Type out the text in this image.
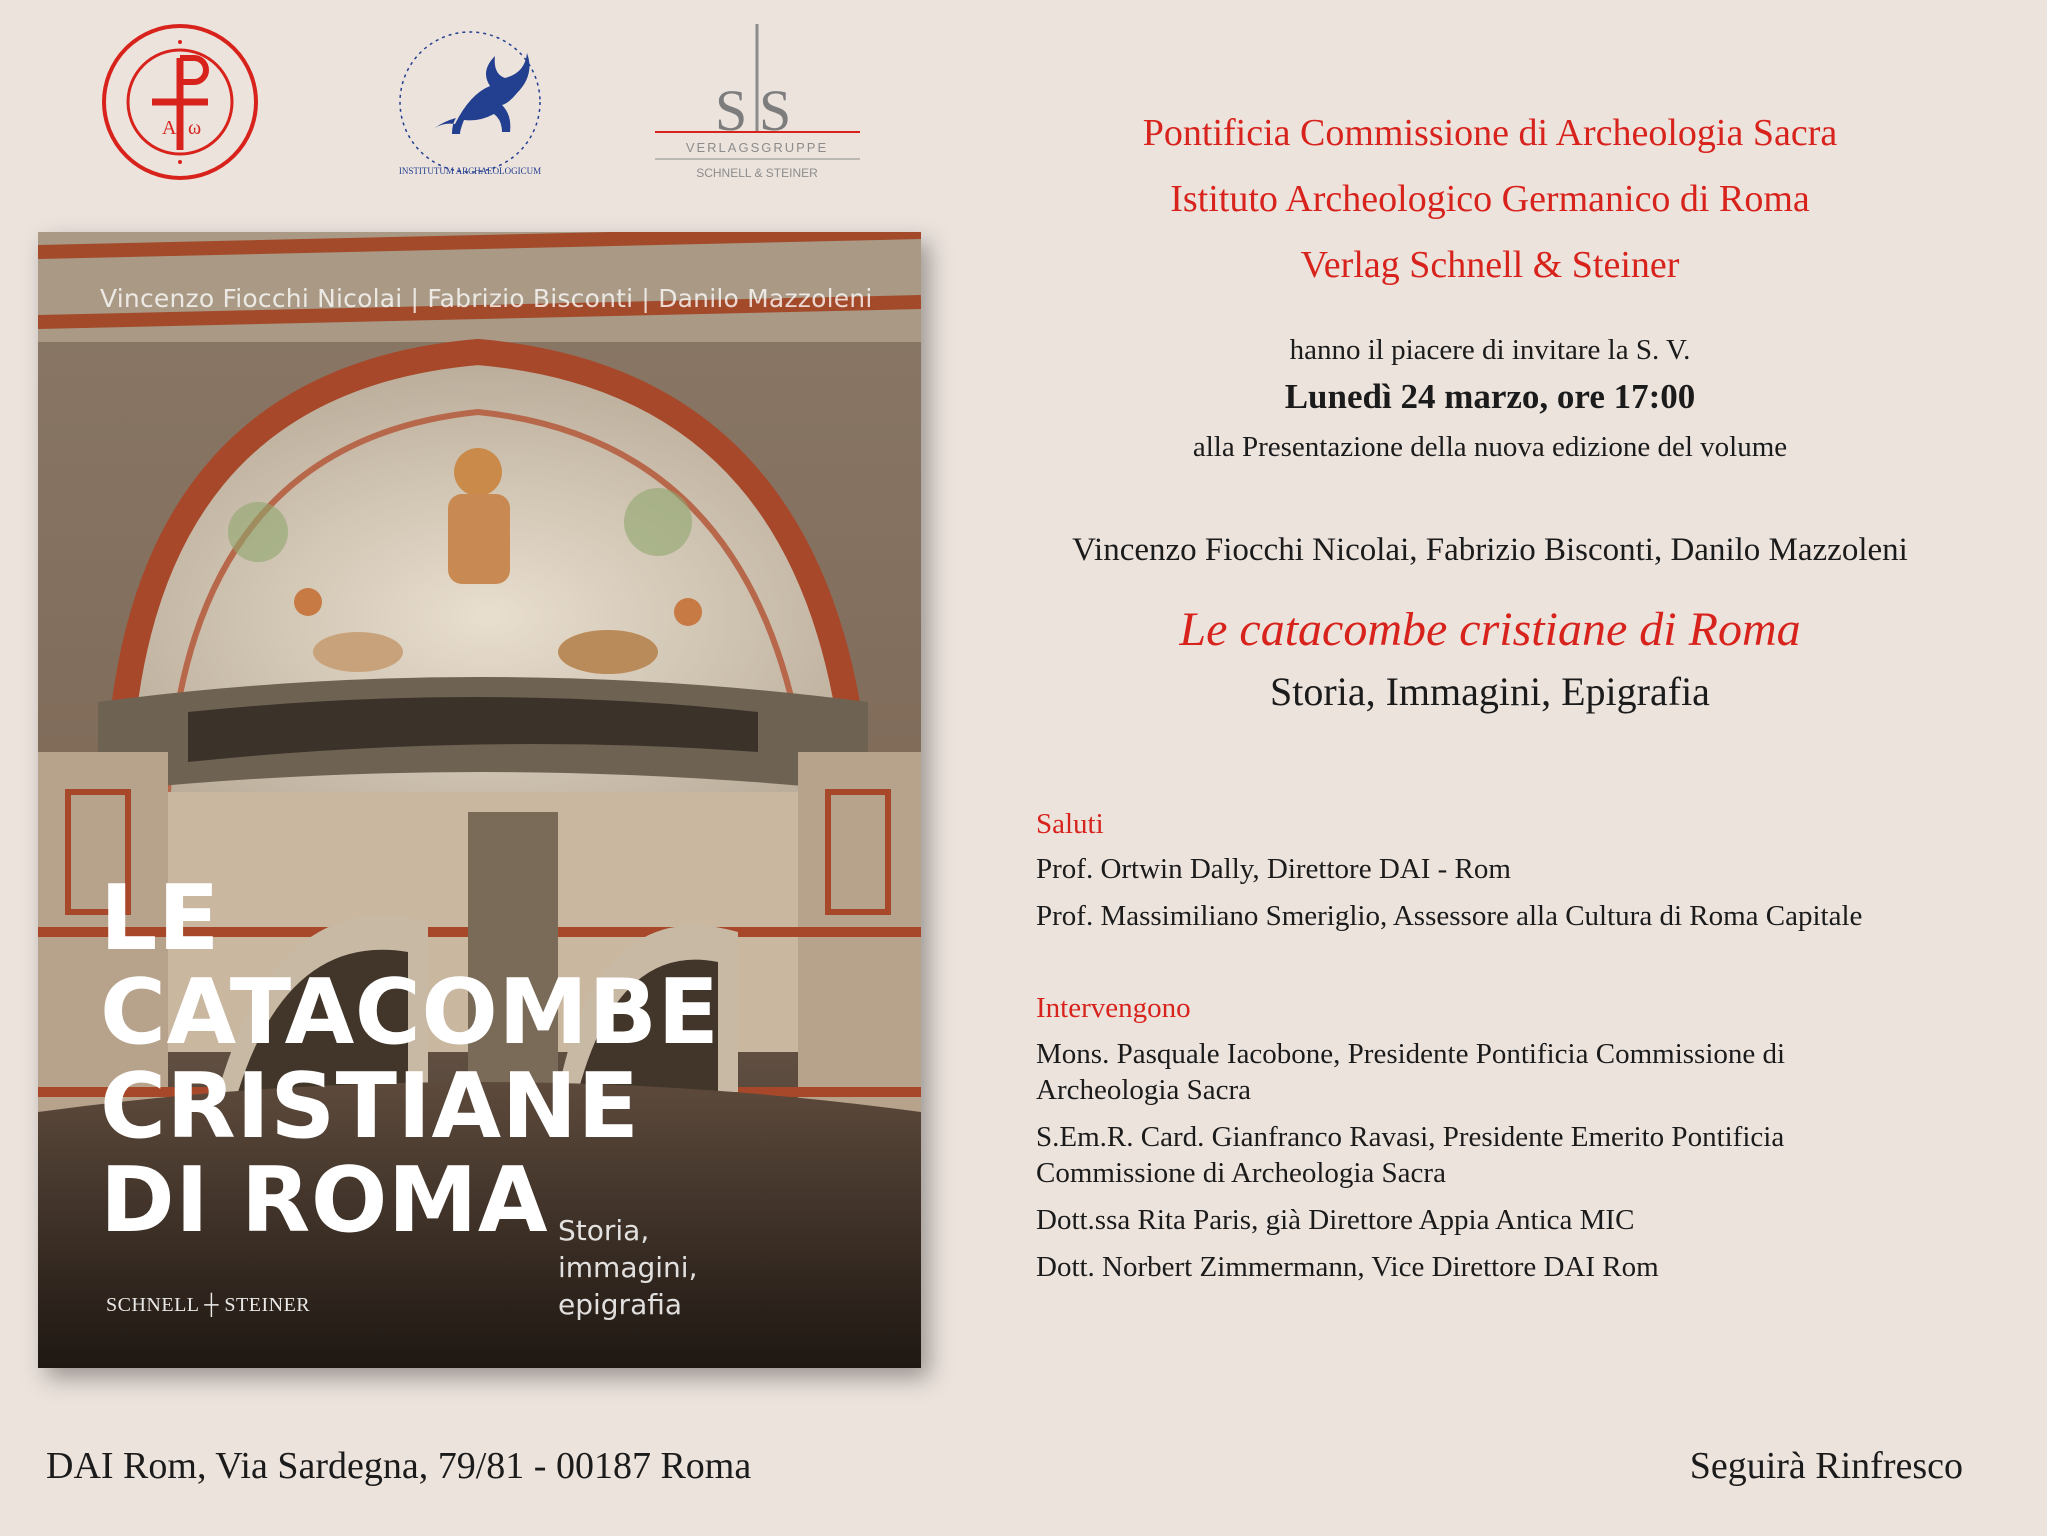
A ω
INSTITUTUM ARCHAEOLOGICUM
S S
VERLAGSGRUPPE
SCHNELL & STEINER
Vincenzo Fiocchi Nicolai | Fabrizio Bisconti | Danilo Mazzoleni
LE
CATACOMBE
CRISTIANE
DI ROMA Storia,
immagini,
epigrafia
SCHNELL ┼ STEINER
Pontificia Commissione di Archeologia Sacra
Istituto Archeologico Germanico di Roma
Verlag Schnell & Steiner
hanno il piacere di invitare la S. V.
Lunedì 24 marzo, ore 17:00
alla Presentazione della nuova edizione del volume
Vincenzo Fiocchi Nicolai, Fabrizio Bisconti, Danilo Mazzoleni
Le catacombe cristiane di Roma
Storia, Immagini, Epigrafia
Saluti
Prof. Ortwin Dally, Direttore DAI - Rom
Prof. Massimiliano Smeriglio, Assessore alla Cultura di Roma Capitale
Intervengono
Mons. Pasquale Iacobone, Presidente Pontificia Commissione di Archeologia Sacra
S.Em.R. Card. Gianfranco Ravasi, Presidente Emerito Pontificia Commissione di Archeologia Sacra
Dott.ssa Rita Paris, già Direttore Appia Antica MIC
Dott. Norbert Zimmermann, Vice Direttore DAI Rom
DAI Rom, Via Sardegna, 79/81 - 00187 Roma	Seguirà Rinfresco
